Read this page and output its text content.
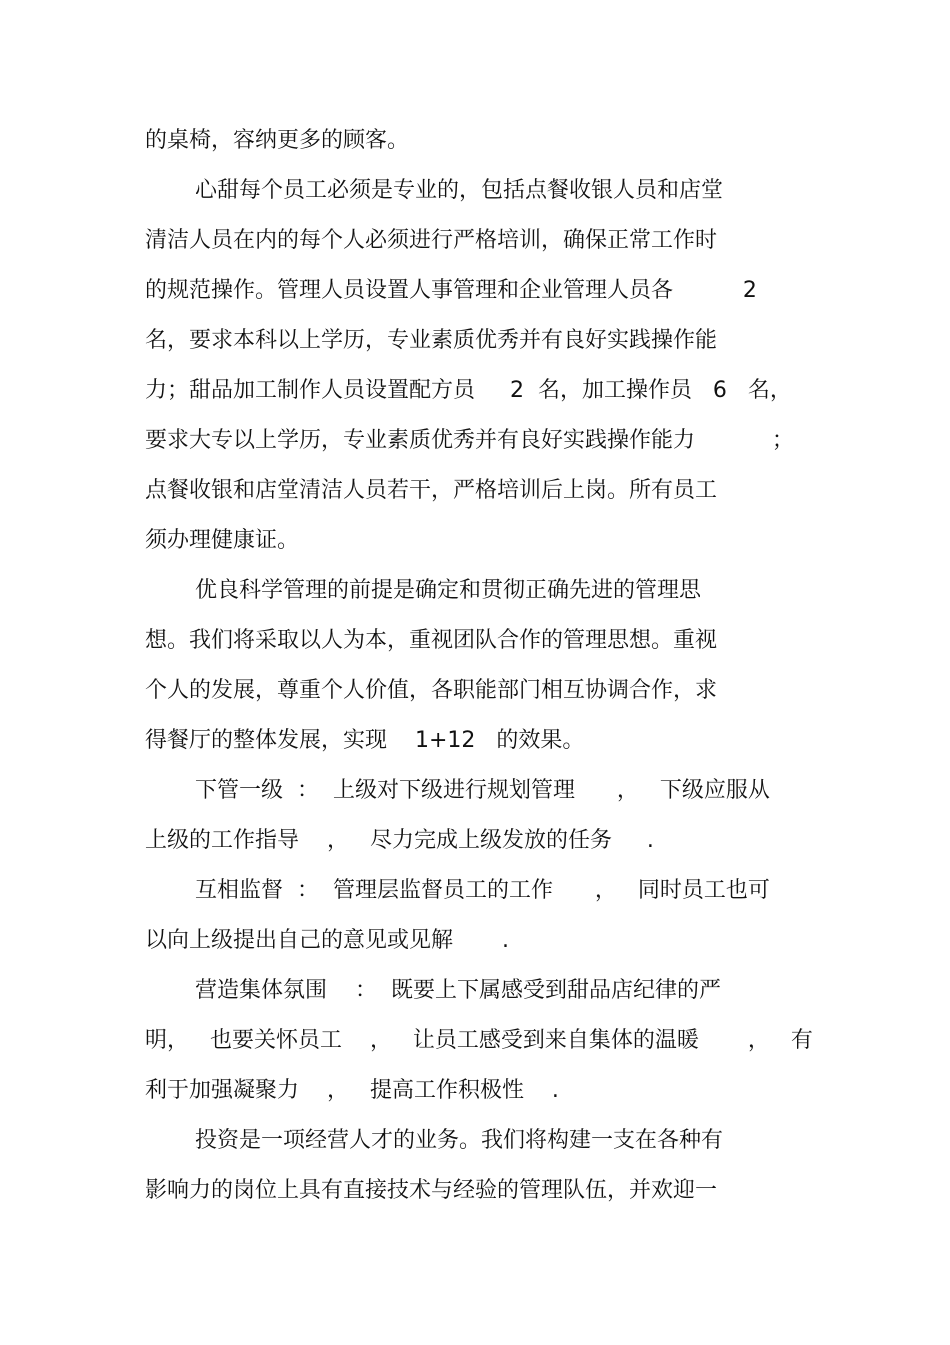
的桌椅，容纳更多的顾客。
心甜每个员工必须是专业的，包括点餐收银人员和店堂
清洁人员在内的每个人必须进行严格培训，确保正常工作时
的规范操作。管理人员设置人事管理和企业管理人员各          2
名，要求本科以上学历，专业素质优秀并有良好实践操作能
力；甜品加工制作人员设置配方员     2  名，加工操作员   6   名，
要求大专以上学历，专业素质优秀并有良好实践操作能力           ；
点餐收银和店堂清洁人员若干，严格培训后上岗。所有员工
须办理健康证。
优良科学管理的前提是确定和贯彻正确先进的管理思
想。我们将采取以人为本，重视团队合作的管理思想。重视
个人的发展，尊重个人价值，各职能部门相互协调合作，求
得餐厅的整体发展，实现    1+12   的效果。
下管一级  ：  上级对下级进行规划管理      ，   下级应服从
上级的工作指导    ，   尽力完成上级发放的任务     .
互相监督  ：  管理层监督员工的工作      ，   同时员工也可
以向上级提出自己的意见或见解       .
营造集体氛围    ：  既要上下属感受到甜品店纪律的严
明，   也要关怀员工    ，   让员工感受到来自集体的温暖       ，   有
利于加强凝聚力    ，   提高工作积极性    .
投资是一项经营人才的业务。我们将构建一支在各种有
影响力的岗位上具有直接技术与经验的管理队伍，并欢迎一
